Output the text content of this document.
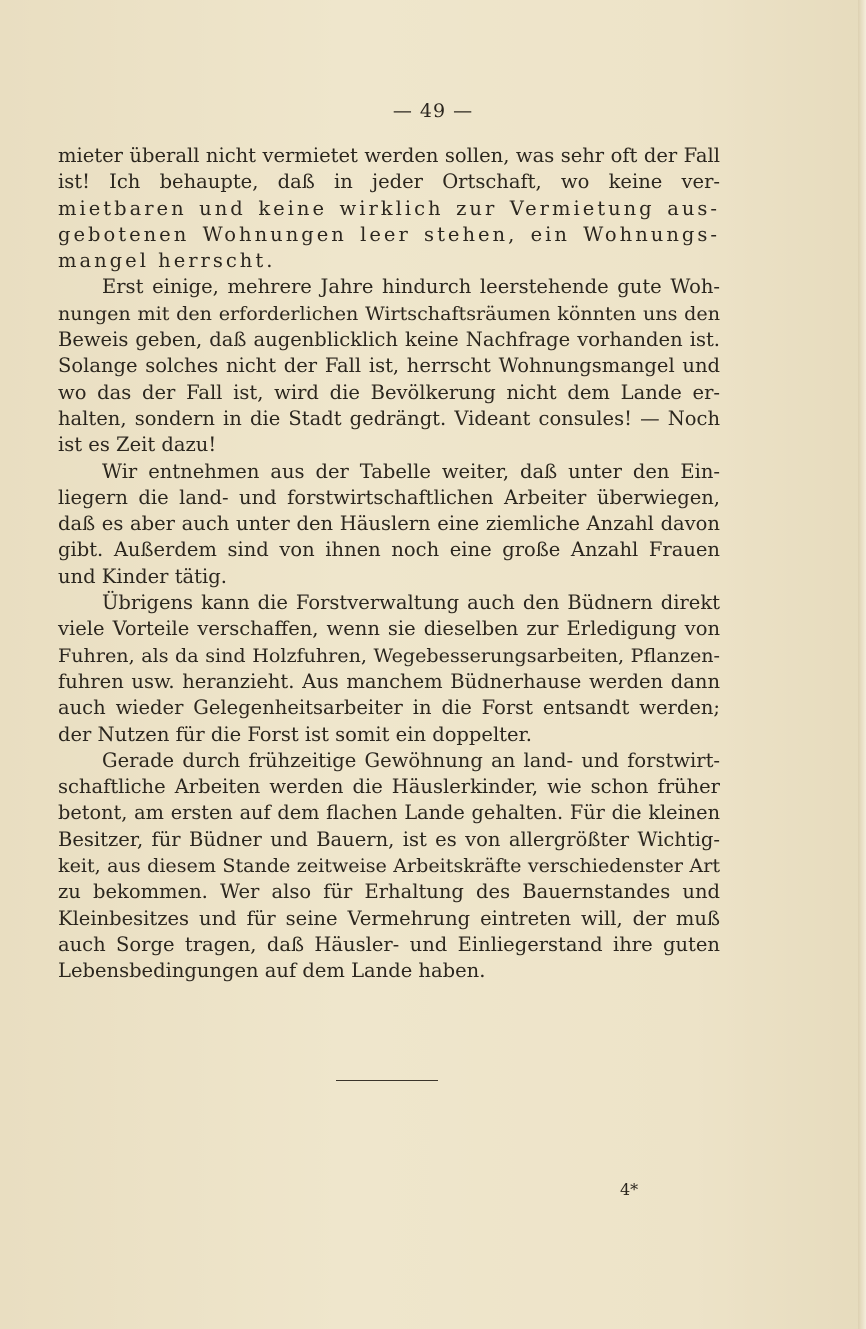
— 49 —
mieter überall nicht vermietet werden sollen, was sehr oft der Fall
ist! Ich behaupte, daß in jeder Ortschaft, wo keine ver-
mietbaren und keine wirklich zur Vermietung aus-
gebotenen Wohnungen leer stehen, ein Wohnungs-
mangel herrscht.
Erst einige, mehrere Jahre hindurch leerstehende gute Woh-
nungen mit den erforderlichen Wirtschaftsräumen könnten uns den
Beweis geben, daß augenblicklich keine Nachfrage vorhanden ist.
Solange solches nicht der Fall ist, herrscht Wohnungsmangel und
wo das der Fall ist, wird die Bevölkerung nicht dem Lande er-
halten, sondern in die Stadt gedrängt. Videant consules! — Noch
ist es Zeit dazu!
Wir entnehmen aus der Tabelle weiter, daß unter den Ein-
liegern die land- und forstwirtschaftlichen Arbeiter überwiegen,
daß es aber auch unter den Häuslern eine ziemliche Anzahl davon
gibt. Außerdem sind von ihnen noch eine große Anzahl Frauen
und Kinder tätig.
Übrigens kann die Forstverwaltung auch den Büdnern direkt
viele Vorteile verschaffen, wenn sie dieselben zur Erledigung von
Fuhren, als da sind Holzfuhren, Wegebesserungsarbeiten, Pflanzen-
fuhren usw. heranzieht. Aus manchem Büdnerhause werden dann
auch wieder Gelegenheitsarbeiter in die Forst entsandt werden;
der Nutzen für die Forst ist somit ein doppelter.
Gerade durch frühzeitige Gewöhnung an land- und forstwirt-
schaftliche Arbeiten werden die Häuslerkinder, wie schon früher
betont, am ersten auf dem flachen Lande gehalten. Für die kleinen
Besitzer, für Büdner und Bauern, ist es von allergrößter Wichtig-
keit, aus diesem Stande zeitweise Arbeitskräfte verschiedenster Art
zu bekommen. Wer also für Erhaltung des Bauernstandes und
Kleinbesitzes und für seine Vermehrung eintreten will, der muß
auch Sorge tragen, daß Häusler- und Einliegerstand ihre guten
Lebensbedingungen auf dem Lande haben.
4*
